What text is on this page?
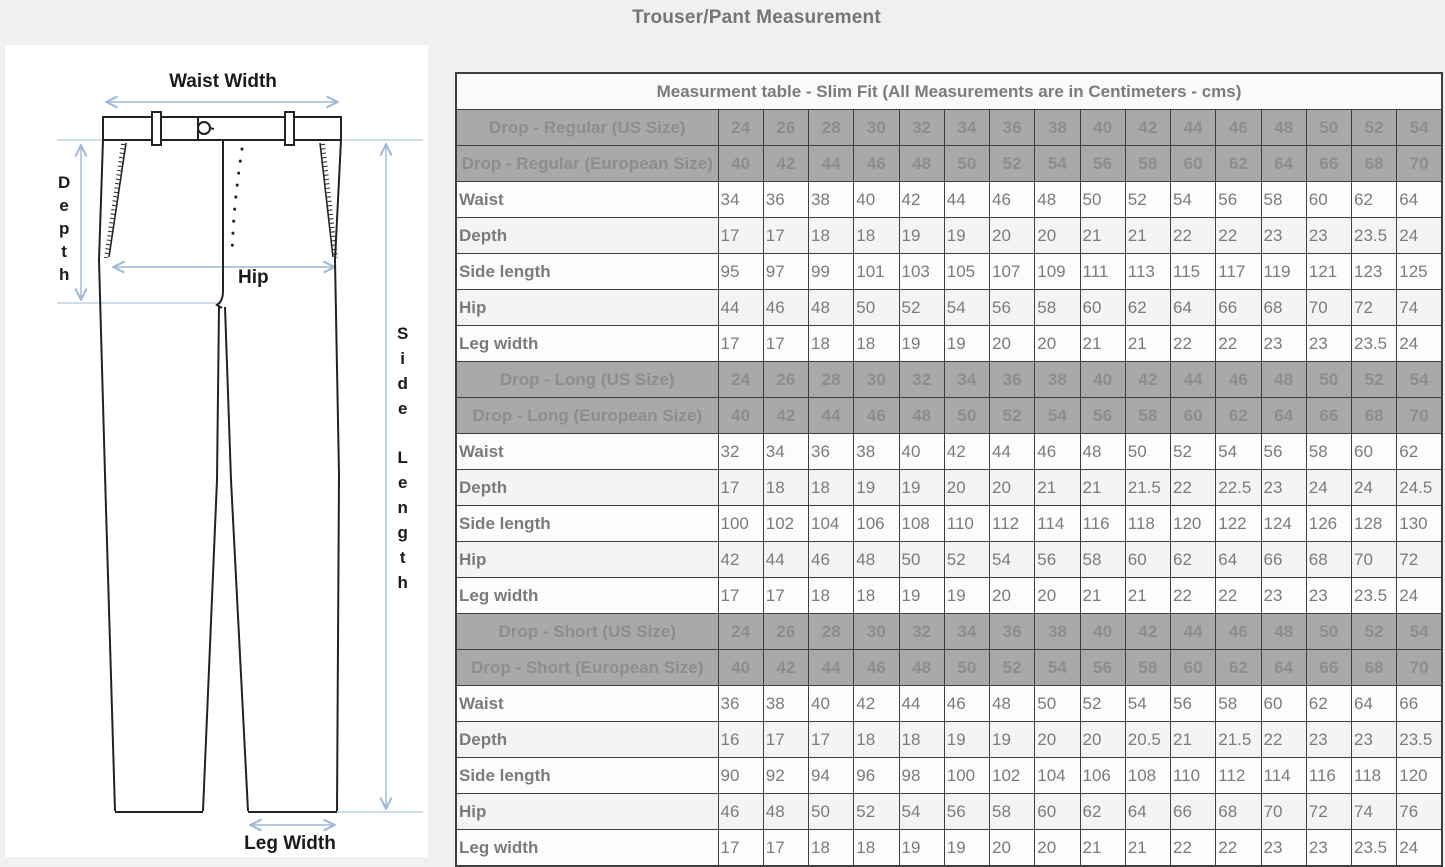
Trouser/Pant Measurement
Waist Width
Hip
Leg Width
D
e
p
t
h
S
i
d
e
L
e
n
g
t
h
Measurment table - Slim Fit (All Measurements are in Centimeters - cms)																
Drop - Regular (US Size)	24	26	28	30	32	34	36	38	40	42	44	46	48	50	52	54
Drop - Regular (European Size)	40	42	44	46	48	50	52	54	56	58	60	62	64	66	68	70
Waist	34	36	38	40	42	44	46	48	50	52	54	56	58	60	62	64
Depth	17	17	18	18	19	19	20	20	21	21	22	22	23	23	23.5	24
Side length	95	97	99	101	103	105	107	109	111	113	115	117	119	121	123	125
Hip	44	46	48	50	52	54	56	58	60	62	64	66	68	70	72	74
Leg width	17	17	18	18	19	19	20	20	21	21	22	22	23	23	23.5	24
Drop - Long (US Size)	24	26	28	30	32	34	36	38	40	42	44	46	48	50	52	54
Drop - Long (European Size)	40	42	44	46	48	50	52	54	56	58	60	62	64	66	68	70
Waist	32	34	36	38	40	42	44	46	48	50	52	54	56	58	60	62
Depth	17	18	18	19	19	20	20	21	21	21.5	22	22.5	23	24	24	24.5
Side length	100	102	104	106	108	110	112	114	116	118	120	122	124	126	128	130
Hip	42	44	46	48	50	52	54	56	58	60	62	64	66	68	70	72
Leg width	17	17	18	18	19	19	20	20	21	21	22	22	23	23	23.5	24
Drop - Short (US Size)	24	26	28	30	32	34	36	38	40	42	44	46	48	50	52	54
Drop - Short (European Size)	40	42	44	46	48	50	52	54	56	58	60	62	64	66	68	70
Waist	36	38	40	42	44	46	48	50	52	54	56	58	60	62	64	66
Depth	16	17	17	18	18	19	19	20	20	20.5	21	21.5	22	23	23	23.5
Side length	90	92	94	96	98	100	102	104	106	108	110	112	114	116	118	120
Hip	46	48	50	52	54	56	58	60	62	64	66	68	70	72	74	76
Leg width	17	17	18	18	19	19	20	20	21	21	22	22	23	23	23.5	24
